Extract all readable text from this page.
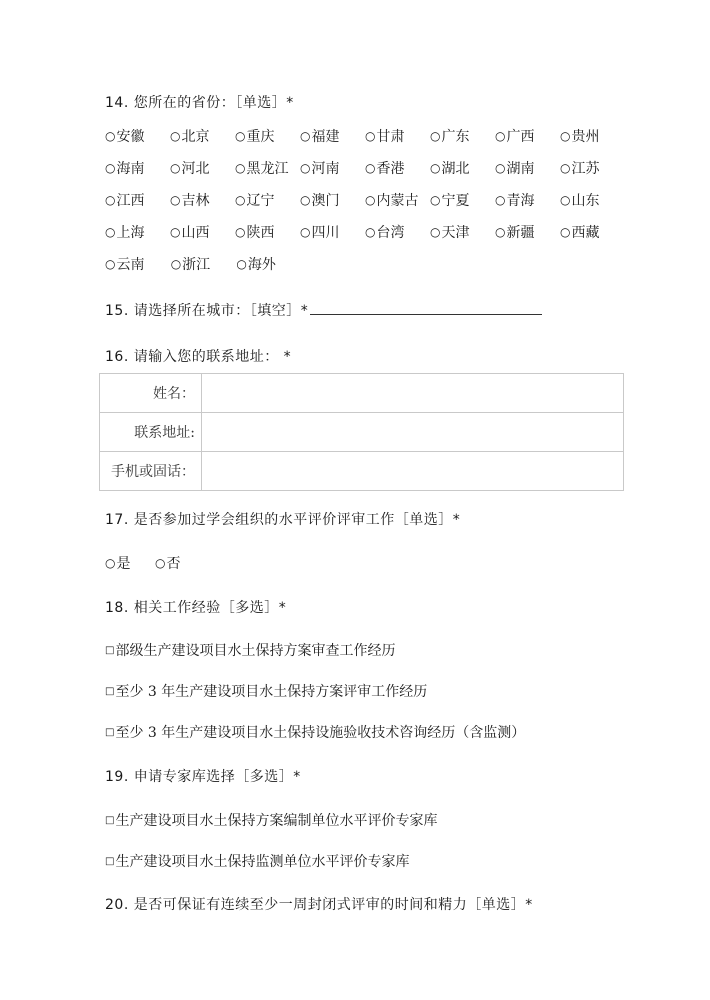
14. 您所在的省份：［单选］*
○ 安徽 ○ 北京 ○ 重庆 ○ 福建 ○ 甘肃 ○ 广东 ○ 广西 ○ 贵州
○ 海南 ○ 河北 ○ 黑龙江 ○ 河南 ○ 香港 ○ 湖北 ○ 湖南 ○ 江苏
○ 江西 ○ 吉林 ○ 辽宁 ○ 澳门 ○ 内蒙古 ○ 宁夏 ○ 青海 ○ 山东
○ 上海 ○ 山西 ○ 陕西 ○ 四川 ○ 台湾 ○ 天津 ○ 新疆 ○ 西藏
○ 云南 ○ 浙江 ○ 海外
15. 请选择所在城市：［填空］*
16. 请输入您的联系地址： *
姓名：	
联系地址:	
手机或固话：	
17. 是否参加过学会组织的水平评价评审工作［单选］*
○ 是 ○ 否
18. 相关工作经验［多选］*
□ 部级生产建设项目水土保持方案审查工作经历
□ 至少 3 年生产建设项目水土保持方案评审工作经历
□ 至少 3 年生产建设项目水土保持设施验收技术咨询经历（含监测）
19. 申请专家库选择［多选］*
□ 生产建设项目水土保持方案编制单位水平评价专家库
□ 生产建设项目水土保持监测单位水平评价专家库
20. 是否可保证有连续至少一周封闭式评审的时间和精力［单选］*
